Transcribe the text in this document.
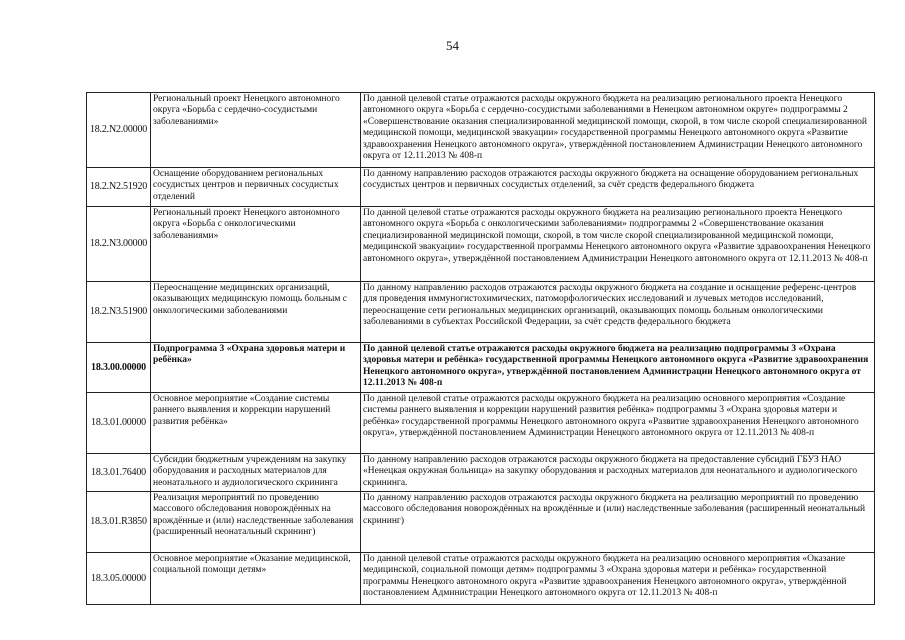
54
18.2.N2.00000	Региональный проект Ненецкого автономного округа «Борьба с сердечно-сосудистыми заболеваниями»	По данной целевой статье отражаются расходы окружного бюджета на реализацию регионального проекта Ненецкого автономного округа «Борьба с сердечно-сосудистыми заболеваниями в Ненецком автономном округе» подпрограммы 2 «Совершенствование оказания специализированной медицинской помощи, скорой, в том числе скорой специализированной медицинской помощи, медицинской эвакуации» государственной программы Ненецкого автономного округа «Развитие здравоохранения Ненецкого автономного округа», утверждённой постановлением Администрации Ненецкого автономного округа от 12.11.2013 № 408-п
18.2.N2.51920	Оснащение оборудованием региональных сосудистых центров и первичных сосудистых отделений	По данному направлению расходов отражаются расходы окружного бюджета на оснащение оборудованием региональных сосудистых центров и первичных сосудистых отделений, за счёт средств федерального бюджета
18.2.N3.00000	Региональный проект Ненецкого автономного округа «Борьба с онкологическими заболеваниями»	По данной целевой статье отражаются расходы окружного бюджета на реализацию регионального проекта Ненецкого автономного округа «Борьба с онкологическими заболеваниями» подпрограммы 2 «Совершенствование оказания специализированной медицинской помощи, скорой, в том числе скорой специализированной медицинской помощи, медицинской эвакуации» государственной программы Ненецкого автономного округа «Развитие здравоохранения Ненецкого автономного округа», утверждённой постановлением Администрации Ненецкого автономного округа от 12.11.2013 № 408-п
18.2.N3.51900	Переоснащение медицинских организаций, оказывающих медицинскую помощь больным с онкологическими заболеваниями	По данному направлению расходов отражаются расходы окружного бюджета на создание и оснащение референс-центров для проведения иммуногистохимических, патоморфологических исследований и лучевых методов исследований, переоснащение сети региональных медицинских организаций, оказывающих помощь больным онкологическими заболеваниями в субъектах Российской Федерации, за счёт средств федерального бюджета
18.3.00.00000	Подпрограмма 3 «Охрана здоровья матери и ребёнка»	По данной целевой статье отражаются расходы окружного бюджета на реализацию подпрограммы 3 «Охрана здоровья матери и ребёнка» государственной программы Ненецкого автономного округа «Развитие здравоохранения Ненецкого автономного округа», утверждённой постановлением Администрации Ненецкого автономного округа от 12.11.2013 № 408-п
18.3.01.00000	Основное мероприятие «Создание системы раннего выявления и коррекции нарушений развития ребёнка»	По данной целевой статье отражаются расходы окружного бюджета на реализацию основного мероприятия «Создание системы раннего выявления и коррекции нарушений развития ребёнка» подпрограммы 3 «Охрана здоровья матери и ребёнка» государственной программы Ненецкого автономного округа «Развитие здравоохранения Ненецкого автономного округа», утверждённой постановлением Администрации Ненецкого автономного округа от 12.11.2013 № 408-п
18.3.01.76400	Субсидии бюджетным учреждениям на закупку оборудования и расходных материалов для неонатального и аудиологического скрининга	По данному направлению расходов отражаются расходы окружного бюджета на предоставление субсидий ГБУЗ НАО «Ненецкая окружная больница» на закупку оборудования и расходных материалов для неонатального и аудиологического скрининга.
18.3.01.R3850	Реализация мероприятий по проведению массового обследования новорождённых на врождённые и (или) наследственные заболевания (расширенный неонатальный скрининг)	По данному направлению расходов отражаются расходы окружного бюджета на реализацию мероприятий по проведению массового обследования новорождённых на врождённые и (или) наследственные заболевания (расширенный неонатальный скрининг)
18.3.05.00000	Основное мероприятие «Оказание медицинской, социальной помощи детям»	По данной целевой статье отражаются расходы окружного бюджета на реализацию основного мероприятия «Оказание медицинской, социальной помощи детям» подпрограммы 3 «Охрана здоровья матери и ребёнка» государственной программы Ненецкого автономного округа «Развитие здравоохранения Ненецкого автономного округа», утверждённой постановлением Администрации Ненецкого автономного округа от 12.11.2013 № 408-п
